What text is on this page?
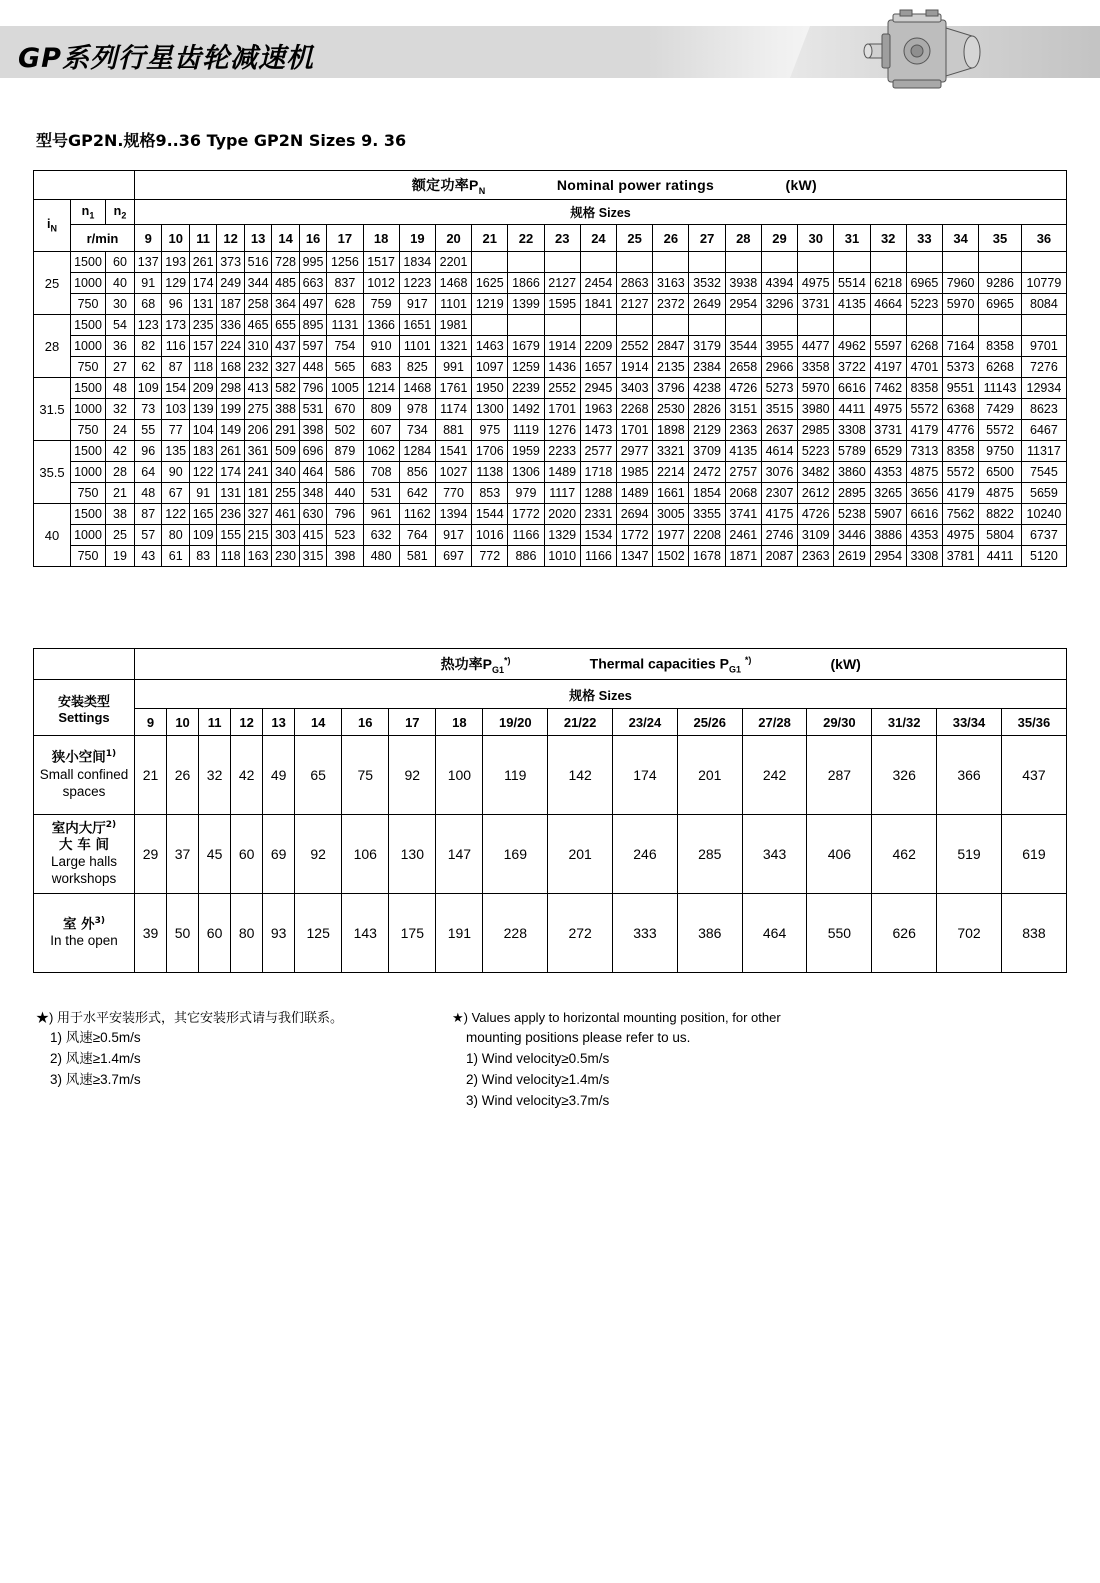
GP系列行星齿轮减速机
型号GP2N.规格9..36 Type GP2N Sizes 9. 36
			额定功率$P_N$ Nominal power ratings (kW)																										
$i_N$	$n_1$	$n_2$	规格 Sizes																										
	r/min		9	10	11	12	13	14	16	17	18	19	20	21	22	23	24	25	26	27	28	29	30	31	32	33	34	35	36
25	1500	60	137	193	261	373	516	728	995	1256	1517	1834	2201																
	1000	40	91	129	174	249	344	485	663	837	1012	1223	1468	1625	1866	2127	2454	2863	3163	3532	3938	4394	4975	5514	6218	6965	7960	9286	10779
	750	30	68	96	131	187	258	364	497	628	759	917	1101	1219	1399	1595	1841	2127	2372	2649	2954	3296	3731	4135	4664	5223	5970	6965	8084
28	1500	54	123	173	235	336	465	655	895	1131	1366	1651	1981																
	1000	36	82	116	157	224	310	437	597	754	910	1101	1321	1463	1679	1914	2209	2552	2847	3179	3544	3955	4477	4962	5597	6268	7164	8358	9701
	750	27	62	87	118	168	232	327	448	565	683	825	991	1097	1259	1436	1657	1914	2135	2384	2658	2966	3358	3722	4197	4701	5373	6268	7276
31.5	1500	48	109	154	209	298	413	582	796	1005	1214	1468	1761	1950	2239	2552	2945	3403	3796	4238	4726	5273	5970	6616	7462	8358	9551	11143	12934
	1000	32	73	103	139	199	275	388	531	670	809	978	1174	1300	1492	1701	1963	2268	2530	2826	3151	3515	3980	4411	4975	5572	6368	7429	8623
	750	24	55	77	104	149	206	291	398	502	607	734	881	975	1119	1276	1473	1701	1898	2129	2363	2637	2985	3308	3731	4179	4776	5572	6467
35.5	1500	42	96	135	183	261	361	509	696	879	1062	1284	1541	1706	1959	2233	2577	2977	3321	3709	4135	4614	5223	5789	6529	7313	8358	9750	11317
	1000	28	64	90	122	174	241	340	464	586	708	856	1027	1138	1306	1489	1718	1985	2214	2472	2757	3076	3482	3860	4353	4875	5572	6500	7545
	750	21	48	67	91	131	181	255	348	440	531	642	770	853	979	1117	1288	1489	1661	1854	2068	2307	2612	2895	3265	3656	4179	4875	5659
40	1500	38	87	122	165	236	327	461	630	796	961	1162	1394	1544	1772	2020	2331	2694	3005	3355	3741	4175	4726	5238	5907	6616	7562	8822	10240
	1000	25	57	80	109	155	215	303	415	523	632	764	917	1016	1166	1329	1534	1772	1977	2208	2461	2746	3109	3446	3886	4353	4975	5804	6737
	750	19	43	61	83	118	163	230	315	398	480	581	697	772	886	1010	1166	1347	1502	1678	1871	2087	2363	2619	2954	3308	3781	4411	5120
	热功率$P_{G1}^{*)}$ Thermal capacities $P_{G1}$ *) (kW)																	

安装类型
Settings	规格 Sizes																	
	9	10	11	12	13	14	16	17	18	19/20	21/22	23/24	25/26	27/28	29/30	31/32	33/34	35/36

狭小空间$^{1)}$
Small confined spaces	21	26	32	42	49	65	75	92	100	119	142	174	201	242	287	326	366	437

室内大厅$^{2)}$
大 车 间
Large halls workshops	29	37	45	60	69	92	106	130	147	169	201	246	285	343	406	462	519	619

室 外$^{3)}$
In the open	39	50	60	80	93	125	143	175	191	228	272	333	386	464	550	626	702	838
★) 用于水平安装形式，其它安装形式请与我们联系。
1) 风速≥0.5m/s
2) 风速≥1.4m/s
3) 风速≥3.7m/s
★) Values apply to horizontal mounting position, for other
mounting positions please refer to us.
1) Wind velocity≥0.5m/s
2) Wind velocity≥1.4m/s
3) Wind velocity≥3.7m/s
